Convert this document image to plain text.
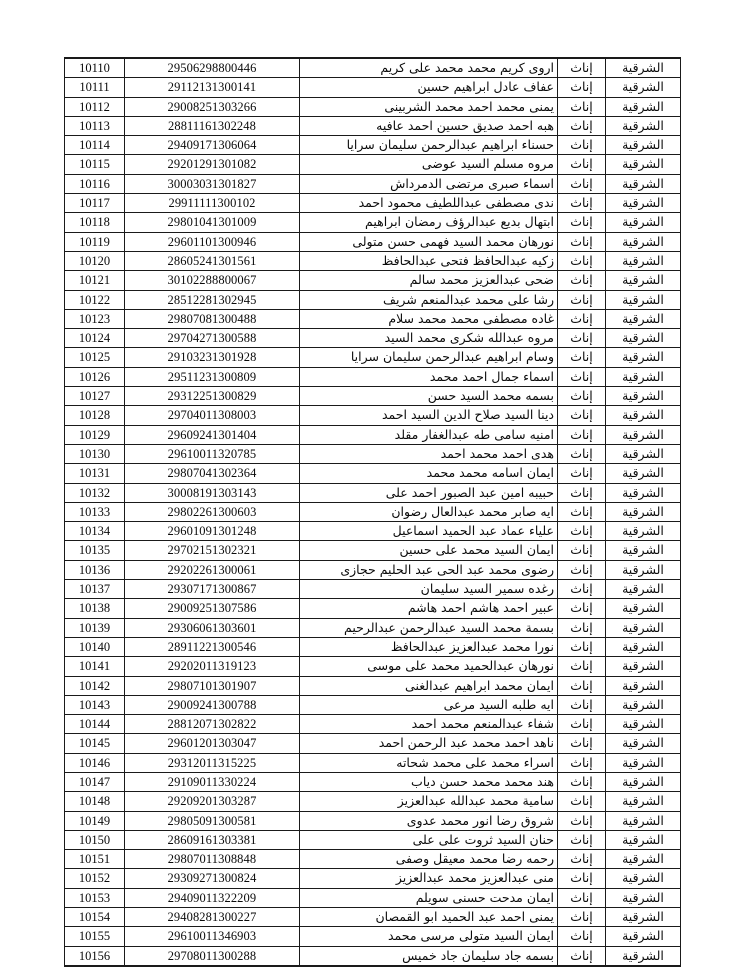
الشرقية	إناث	اروى كريم محمد محمد على كريم	29506298800446	10110
الشرقية	إناث	عفاف عادل ابراهيم حسين	29112131300141	10111
الشرقية	إناث	يمنى محمد احمد محمد الشربينى	29008251303266	10112
الشرقية	إناث	هبه احمد صديق حسين احمد عافيه	28811161302248	10113
الشرقية	إناث	حسناء ابراهيم عبدالرحمن سليمان سرايا	29409171306064	10114
الشرقية	إناث	مروه مسلم السيد عوضى	29201291301082	10115
الشرقية	إناث	اسماء صبرى مرتضى الدمرداش	30003031301827	10116
الشرقية	إناث	ندى مصطفى عبداللطيف محمود احمد	29911111300102	10117
الشرقية	إناث	ابتهال بديع عبدالرؤف رمضان ابراهيم	29801041301009	10118
الشرقية	إناث	نورهان محمد السيد فهمى حسن متولى	29601101300946	10119
الشرقية	إناث	زكيه عبدالحافظ فتحى عبدالحافظ	28605241301561	10120
الشرقية	إناث	ضحى عبدالعزيز محمد سالم	30102288800067	10121
الشرقية	إناث	رشا على محمد عبدالمنعم شريف	28512281302945	10122
الشرقية	إناث	غاده مصطفى محمد محمد سلام	29807081300488	10123
الشرقية	إناث	مروه عبدالله شكرى محمد السيد	29704271300588	10124
الشرقية	إناث	وسام ابراهيم عبدالرحمن سليمان سرايا	29103231301928	10125
الشرقية	إناث	اسماء جمال احمد محمد	29511231300809	10126
الشرقية	إناث	بسمه محمد السيد حسن	29312251300829	10127
الشرقية	إناث	دينا السيد صلاح الدين السيد احمد	29704011308003	10128
الشرقية	إناث	امنيه سامى طه عبدالغفار مقلد	29609241301404	10129
الشرقية	إناث	هدى احمد محمد احمد	29610011320785	10130
الشرقية	إناث	ايمان اسامه محمد محمد	29807041302364	10131
الشرقية	إناث	حبيبه امين عبد الصبور احمد على	30008191303143	10132
الشرقية	إناث	ايه صابر محمد عبدالعال رضوان	29802261300603	10133
الشرقية	إناث	علياء عماد عبد الحميد اسماعيل	29601091301248	10134
الشرقية	إناث	ايمان السيد محمد على حسين	29702151302321	10135
الشرقية	إناث	رضوى محمد عبد الحى عبد الحليم حجازى	29202261300061	10136
الشرقية	إناث	رغده سمير السيد سليمان	29307171300867	10137
الشرقية	إناث	عبير احمد هاشم احمد هاشم	29009251307586	10138
الشرقية	إناث	بسمة محمد السيد عبدالرحمن عبدالرحيم	29306061303601	10139
الشرقية	إناث	نورا محمد عبدالعزيز عبدالحافظ	28911221300546	10140
الشرقية	إناث	نورهان عبدالحميد محمد على موسى	29202011319123	10141
الشرقية	إناث	ايمان محمد ابراهيم عبدالغنى	29807101301907	10142
الشرقية	إناث	ايه طلبه السيد مرعى	29009241300788	10143
الشرقية	إناث	شفاء عبدالمنعم محمد احمد	28812071302822	10144
الشرقية	إناث	ناهد احمد محمد عبد الرحمن احمد	29601201303047	10145
الشرقية	إناث	اسراء محمد على محمد شحاته	29312011315225	10146
الشرقية	إناث	هند محمد محمد حسن دياب	29109011330224	10147
الشرقية	إناث	سامية محمد عبدالله عبدالعزيز	29209201303287	10148
الشرقية	إناث	شروق رضا انور محمد عدوى	29805091300581	10149
الشرقية	إناث	حنان السيد ثروت على على	28609161303381	10150
الشرقية	إناث	رحمه رضا محمد معيقل وصفى	29807011308848	10151
الشرقية	إناث	منى عبدالعزيز محمد عبدالعزيز	29309271300824	10152
الشرقية	إناث	ايمان مدحت حسنى سويلم	29409011322209	10153
الشرقية	إناث	يمنى احمد عبد الحميد ابو القمصان	29408281300227	10154
الشرقية	إناث	ايمان السيد متولى مرسى محمد	29610011346903	10155
الشرقية	إناث	بسمه جاد سليمان جاد خميس	29708011300288	10156
